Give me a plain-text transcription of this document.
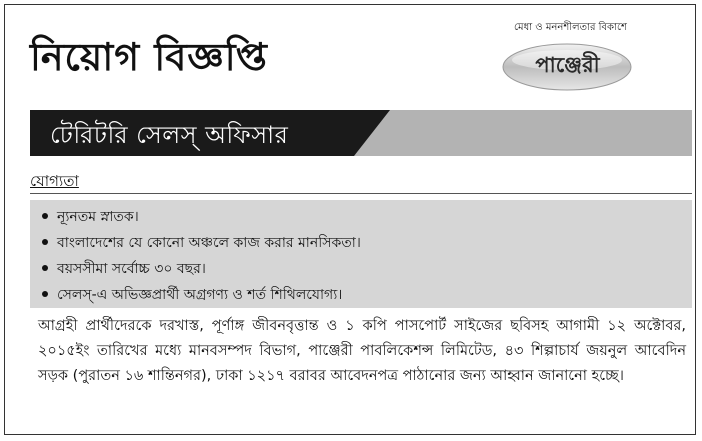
নিয়োগ বিজ্ঞপ্তি
মেধা ও মননশীলতার বিকাশে
পাঞ্জেরী
টেরিটরি সেলস্ অফিসার
যোগ্যতা
ন্যূনতম স্নাতক।
বাংলাদেশের যে কোনো অঞ্চলে কাজ করার মানসিকতা।
বয়সসীমা সর্বোচ্চ ৩০ বছর।
সেলস্-এ অভিজ্ঞপ্রার্থী অগ্রগণ্য ও শর্ত শিথিলযোগ্য।
আগ্রহী প্রার্থীদেরকে দরখাস্ত, পূর্ণাঙ্গ জীবনবৃত্তান্ত ও ১ কপি পাসপোর্ট সাইজের ছবিসহ আগামী ১২ অক্টোবর, ২০১৫ইং তারিখের মধ্যে মানবসম্পদ বিভাগ, পাঞ্জেরী পাবলিকেশন্স লিমিটেড, ৪৩ শিল্পাচার্য জয়নুল আবেদিন সড়ক (পুরাতন ১৬ শান্তিনগর), ঢাকা ১২১৭ বরাবর আবেদনপত্র পাঠানোর জন্য আহ্বান জানানো হচ্ছে।
